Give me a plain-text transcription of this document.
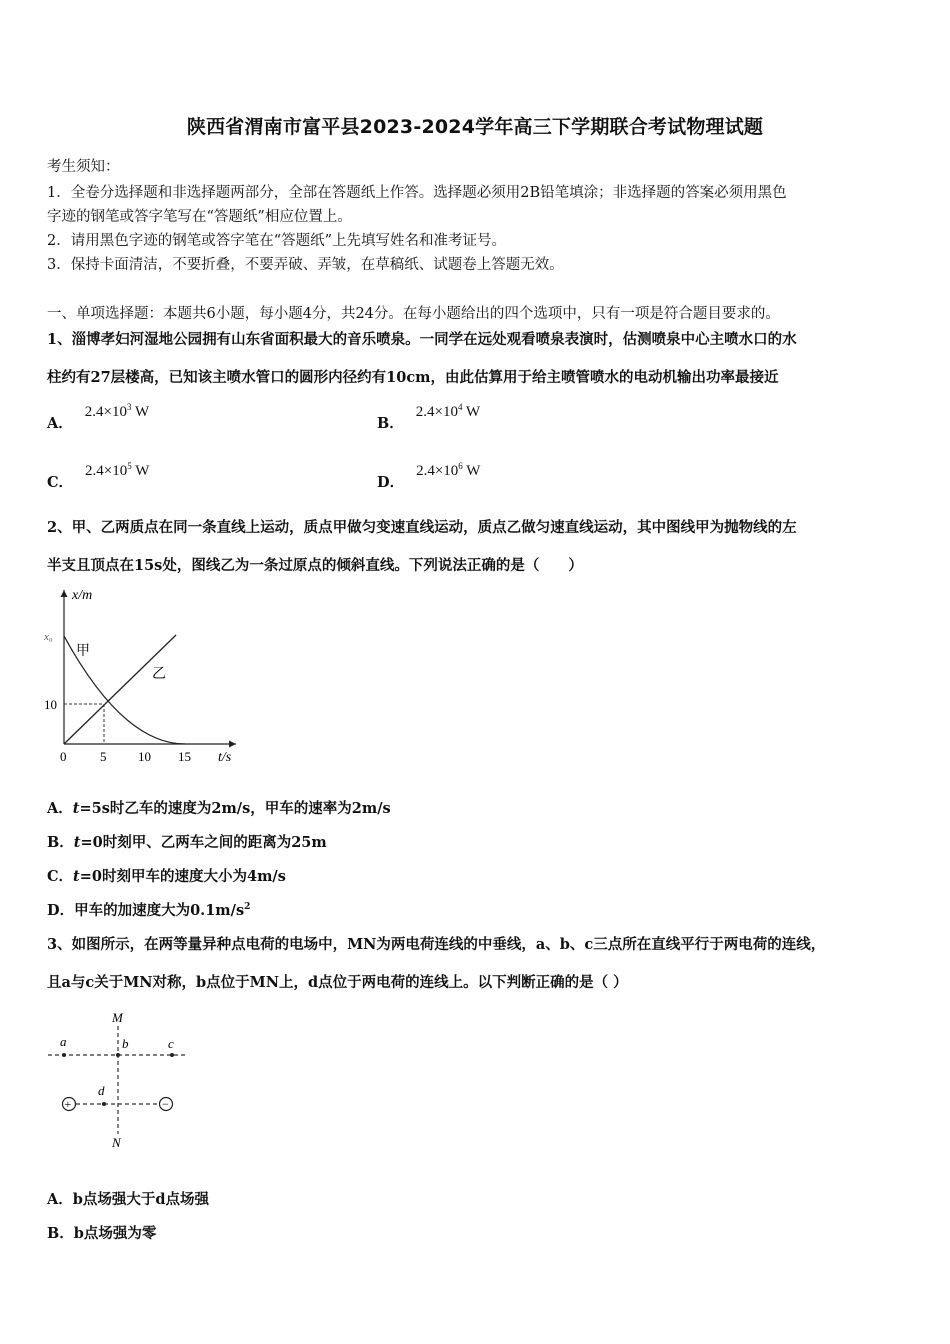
陕西省渭南市富平县2023-2024学年高三下学期联合考试物理试题
考生须知：
1．全卷分选择题和非选择题两部分，全部在答题纸上作答。选择题必须用2B铅笔填涂；非选择题的答案必须用黑色
字迹的钢笔或答字笔写在“答题纸”相应位置上。
2．请用黑色字迹的钢笔或答字笔在“答题纸”上先填写姓名和准考证号。
3．保持卡面清洁，不要折叠，不要弄破、弄皱，在草稿纸、试题卷上答题无效。
一、单项选择题：本题共6小题，每小题4分，共24分。在每小题给出的四个选项中，只有一项是符合题目要求的。
1、淄博孝妇河湿地公园拥有山东省面积最大的音乐喷泉。一同学在远处观看喷泉表演时，估测喷泉中心主喷水口的水
柱约有27层楼高，已知该主喷水管口的圆形内径约有10cm，由此估算用于给主喷管喷水的电动机输出功率最接近
A．$2.4\times 10^3$ W
B．$2.4\times 10^4$ W
C．$2.4\times 10^5$ W
D．$2.4\times 10^6$ W
2、甲、乙两质点在同一条直线上运动，质点甲做匀变速直线运动，质点乙做匀速直线运动，其中图线甲为抛物线的左
半支且顶点在15s处，图线乙为一条过原点的倾斜直线。下列说法正确的是（　　）
x/m
x₀
甲
乙
10
0	5 10 15 t/s
A．t=5s时乙车的速度为2m/s，甲车的速率为2m/s
B．t=0时刻甲、乙两车之间的距离为25m
C．t=0时刻甲车的速度大小为4m/s
D．甲车的加速度大为$0.1m/s^2$
3、如图所示，在两等量异种点电荷的电场中，MN为两电荷连线的中垂线，a、b、c三点所在直线平行于两电荷的连线，
且a与c关于MN对称，b点位于MN上，d点位于两电荷的连线上。以下判断正确的是（ ）
+	−
M
N
a	b	c
d
A．b点场强大于d点场强
B．b点场强为零
